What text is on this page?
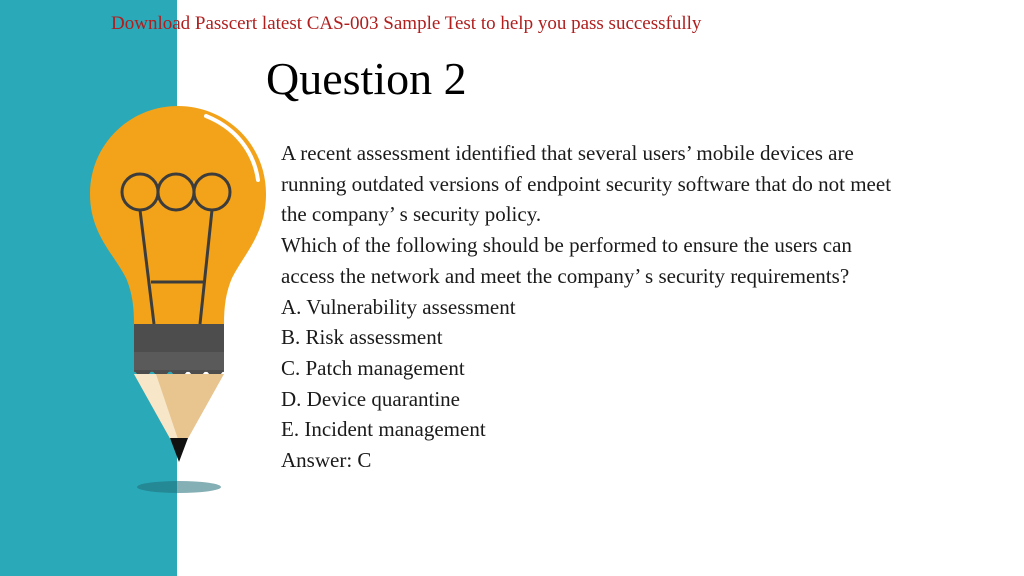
Download Passcert latest CAS-003 Sample Test to help you pass successfully
Question 2
A recent assessment identified that several users’ mobile devices are
running outdated versions of endpoint security software that do not meet
the company’ s security policy.
Which of the following should be performed to ensure the users can
access the network and meet the company’ s security requirements?
A. Vulnerability assessment
B. Risk assessment
C. Patch management
D. Device quarantine
E. Incident management
Answer: C
